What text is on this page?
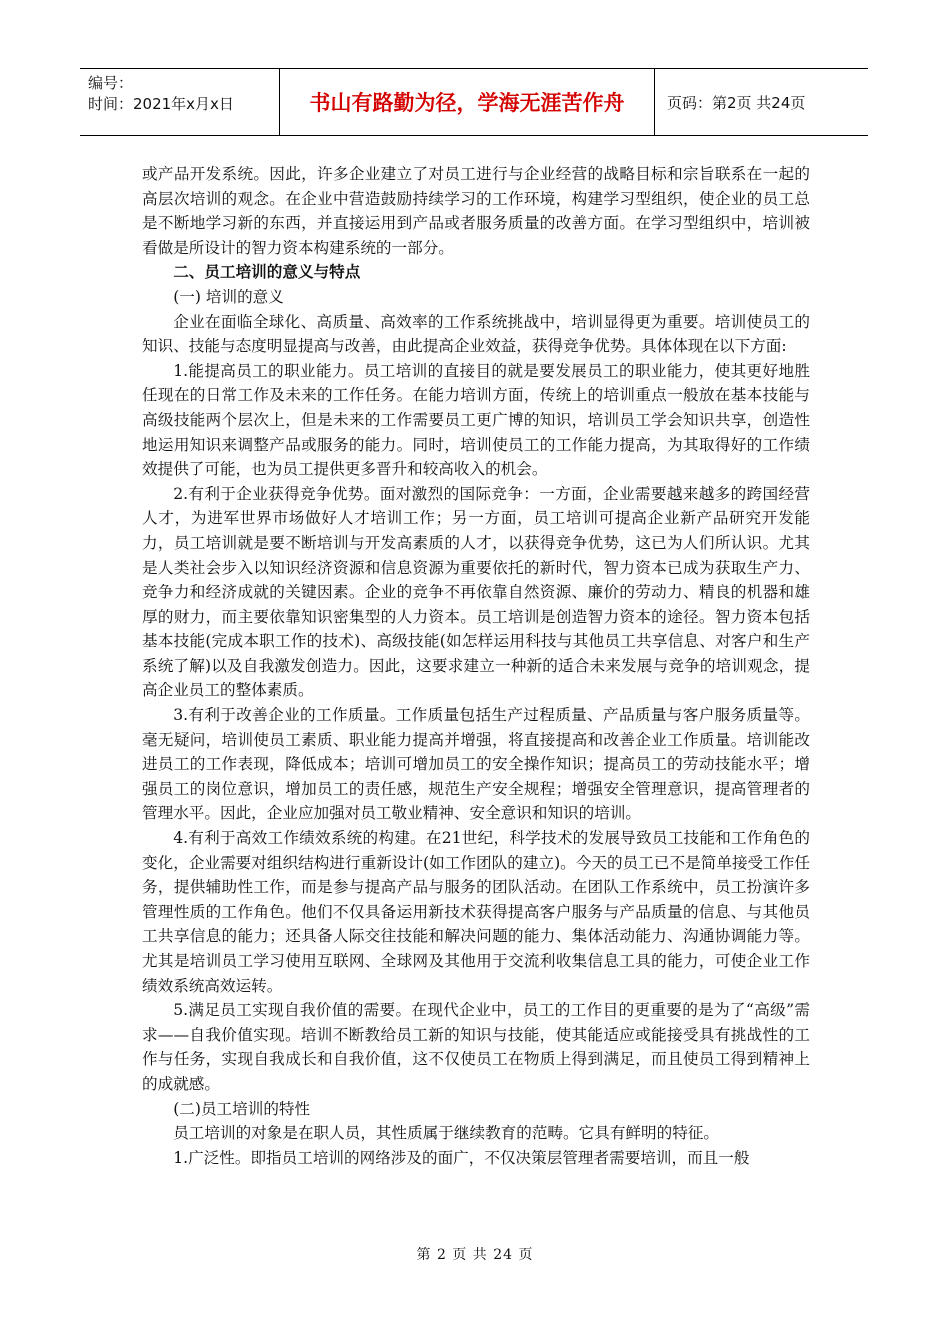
编号：
时间：2021年x月x日	书山有路勤为径，学海无涯苦作舟	页码：第2页 共24页

或产品开发系统。因此，许多企业建立了对员工进行与企业经营的战略目标和宗旨联系在一起的高层次培训的观念。在企业中营造鼓励持续学习的工作环境，构建学习型组织，使企业的员工总是不断地学习新的东西，并直接运用到产品或者服务质量的改善方面。在学习型组织中，培训被看做是所设计的智力资本构建系统的一部分。

二、员工培训的意义与特点

(一) 培训的意义

企业在面临全球化、高质量、高效率的工作系统挑战中，培训显得更为重要。培训使员工的知识、技能与态度明显提高与改善，由此提高企业效益，获得竞争优势。具体体现在以下方面:

1.能提高员工的职业能力。员工培训的直接目的就是要发展员工的职业能力，使其更好地胜任现在的日常工作及未来的工作任务。在能力培训方面，传统上的培训重点一般放在基本技能与高级技能两个层次上，但是未来的工作需要员工更广博的知识，培训员工学会知识共享，创造性地运用知识来调整产品或服务的能力。同时，培训使员工的工作能力提高，为其取得好的工作绩效提供了可能，也为员工提供更多晋升和较高收入的机会。

2.有利于企业获得竞争优势。面对激烈的国际竞争：一方面，企业需要越来越多的跨国经营人才，为进军世界市场做好人才培训工作；另一方面，员工培训可提高企业新产品研究开发能力，员工培训就是要不断培训与开发高素质的人才，以获得竞争优势，这已为人们所认识。尤其是人类社会步入以知识经济资源和信息资源为重要依托的新时代，智力资本已成为获取生产力、竞争力和经济成就的关键因素。企业的竞争不再依靠自然资源、廉价的劳动力、精良的机器和雄厚的财力，而主要依靠知识密集型的人力资本。员工培训是创造智力资本的途径。智力资本包括基本技能(完成本职工作的技术)、高级技能(如怎样运用科技与其他员工共享信息、对客户和生产系统了解)以及自我激发创造力。因此，这要求建立一种新的适合未来发展与竞争的培训观念，提高企业员工的整体素质。

3.有利于改善企业的工作质量。工作质量包括生产过程质量、产品质量与客户服务质量等。毫无疑问，培训使员工素质、职业能力提高并增强，将直接提高和改善企业工作质量。培训能改进员工的工作表现，降低成本；培训可增加员工的安全操作知识；提高员工的劳动技能水平；增强员工的岗位意识，增加员工的责任感，规范生产安全规程；增强安全管理意识，提高管理者的管理水平。因此，企业应加强对员工敬业精神、安全意识和知识的培训。

4.有利于高效工作绩效系统的构建。在21世纪，科学技术的发展导致员工技能和工作角色的变化，企业需要对组织结构进行重新设计(如工作团队的建立)。今天的员工已不是简单接受工作任务，提供辅助性工作，而是参与提高产品与服务的团队活动。在团队工作系统中，员工扮演许多管理性质的工作角色。他们不仅具备运用新技术获得提高客户服务与产品质量的信息、与其他员工共享信息的能力；还具备人际交往技能和解决问题的能力、集体活动能力、沟通协调能力等。尤其是培训员工学习使用互联网、全球网及其他用于交流利收集信息工具的能力，可使企业工作绩效系统高效运转。

5.满足员工实现自我价值的需要。在现代企业中，员工的工作目的更重要的是为了“高级”需求——自我价值实现。培训不断教给员工新的知识与技能，使其能适应或能接受具有挑战性的工作与任务，实现自我成长和自我价值，这不仅使员工在物质上得到满足，而且使员工得到精神上的成就感。

(二)员工培训的特性

员工培训的对象是在职人员，其性质属于继续教育的范畴。它具有鲜明的特征。

1.广泛性。即指员工培训的网络涉及的面广，不仅决策层管理者需要培训，而且一般

第 2 页 共 24 页
